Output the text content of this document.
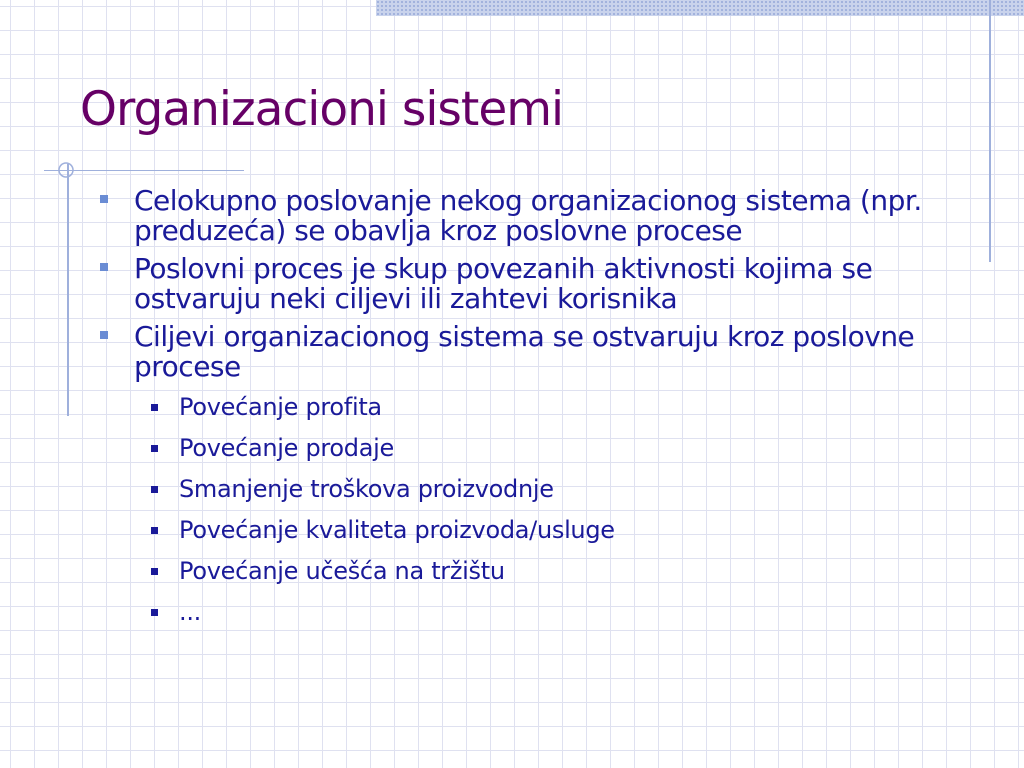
Organizacioni sistemi
Celokupno poslovanje nekog organizacionog sistema (npr. preduzeća) se obavlja kroz poslovne procese
Poslovni proces je skup povezanih aktivnosti kojima se ostvaruju neki ciljevi ili zahtevi korisnika
Ciljevi organizacionog sistema se ostvaruju kroz poslovne procese
Povećanje profita
Povećanje prodaje
Smanjenje troškova proizvodnje
Povećanje kvaliteta proizvoda/usluge
Povećanje učešća na tržištu
...
